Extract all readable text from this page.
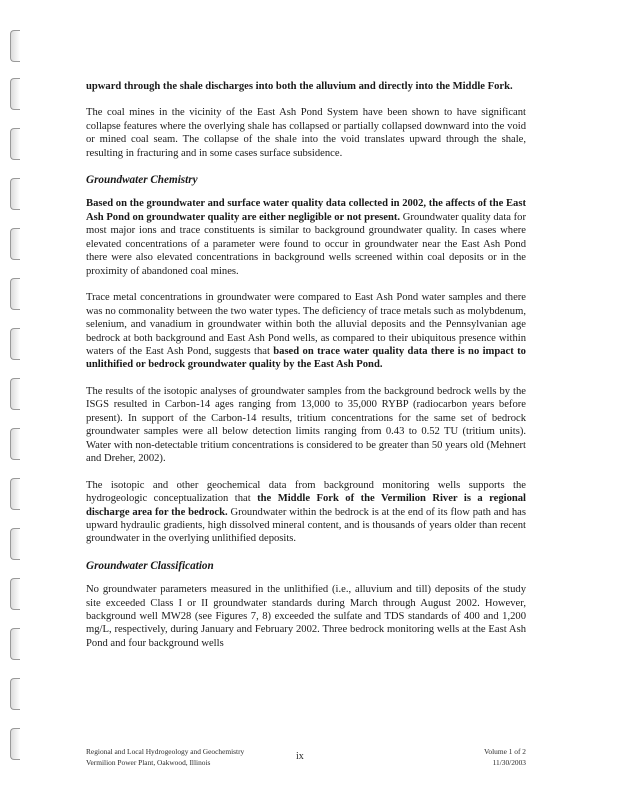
upward through the shale discharges into both the alluvium and directly into the Middle Fork.

The coal mines in the vicinity of the East Ash Pond System have been shown to have significant collapse features where the overlying shale has collapsed or partially collapsed downward into the void or mined coal seam. The collapse of the shale into the void translates upward through the shale, resulting in fracturing and in some cases surface subsidence.

Groundwater Chemistry

Based on the groundwater and surface water quality data collected in 2002, the affects of the East Ash Pond on groundwater quality are either negligible or not present. Groundwater quality data for most major ions and trace constituents is similar to background groundwater quality. In cases where elevated concentrations of a parameter were found to occur in groundwater near the East Ash Pond there were also elevated concentrations in background wells screened within coal deposits or in the proximity of abandoned coal mines.

Trace metal concentrations in groundwater were compared to East Ash Pond water samples and there was no commonality between the two water types. The deficiency of trace metals such as molybdenum, selenium, and vanadium in groundwater within both the alluvial deposits and the Pennsylvanian age bedrock at both background and East Ash Pond wells, as compared to their ubiquitous presence within waters of the East Ash Pond, suggests that based on trace water quality data there is no impact to unlithified or bedrock groundwater quality by the East Ash Pond.

The results of the isotopic analyses of groundwater samples from the background bedrock wells by the ISGS resulted in Carbon-14 ages ranging from 13,000 to 35,000 RYBP (radiocarbon years before present). In support of the Carbon-14 results, tritium concentrations for the same set of bedrock groundwater samples were all below detection limits ranging from 0.43 to 0.52 TU (tritium units). Water with non-detectable tritium concentrations is considered to be greater than 50 years old (Mehnert and Dreher, 2002).

The isotopic and other geochemical data from background monitoring wells supports the hydrogeologic conceptualization that the Middle Fork of the Vermilion River is a regional discharge area for the bedrock. Groundwater within the bedrock is at the end of its flow path and has upward hydraulic gradients, high dissolved mineral content, and is thousands of years older than recent groundwater in the overlying unlithified deposits.

Groundwater Classification

No groundwater parameters measured in the unlithified (i.e., alluvium and till) deposits of the study site exceeded Class I or II groundwater standards during March through August 2002. However, background well MW28 (see Figures 7, 8) exceeded the sulfate and TDS standards of 400 and 1,200 mg/L, respectively, during January and February 2002. Three bedrock monitoring wells at the East Ash Pond and four background wells

Regional and Local Hydrogeology and Geochemistry
Vermilion Power Plant, Oakwood, Illinois
ix	Volume 1 of 2
11/30/2003
